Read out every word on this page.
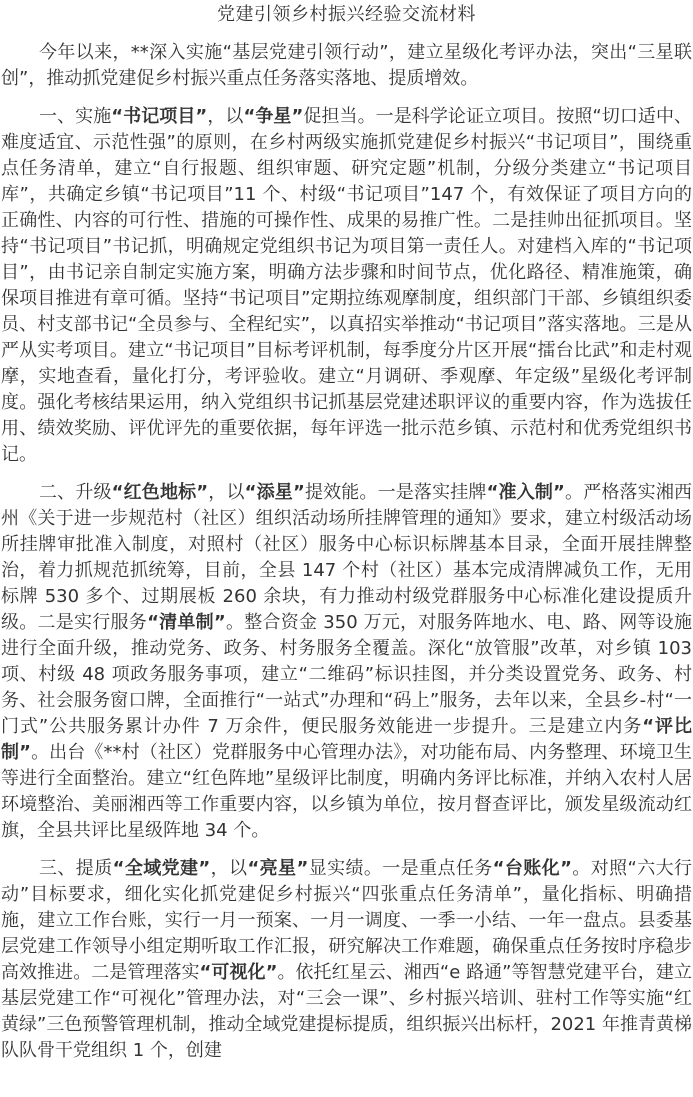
党建引领乡村振兴经验交流材料

今年以来，**深入实施“基层党建引领行动”，建立星级化考评办法，突出“三星联创”，推动抓党建促乡村振兴重点任务落实落地、提质增效。

一、实施“书记项目”，以“争星”促担当。一是科学论证立项目。按照“切口适中、难度适宜、示范性强”的原则，在乡村两级实施抓党建促乡村振兴“书记项目”，围绕重点任务清单，建立“自行报题、组织审题、研究定题”机制，分级分类建立“书记项目库”，共确定乡镇“书记项目”11 个、村级“书记项目”147 个，有效保证了项目方向的正确性、内容的可行性、措施的可操作性、成果的易推广性。二是挂帅出征抓项目。坚持“书记项目”书记抓，明确规定党组织书记为项目第一责任人。对建档入库的“书记项目”，由书记亲自制定实施方案，明确方法步骤和时间节点，优化路径、精准施策，确保项目推进有章可循。坚持“书记项目”定期拉练观摩制度，组织部门干部、乡镇组织委员、村支部书记“全员参与、全程纪实”，以真招实举推动“书记项目”落实落地。三是从严从实考项目。建立“书记项目”目标考评机制，每季度分片区开展“擂台比武”和走村观摩，实地查看，量化打分，考评验收。建立“月调研、季观摩、年定级”星级化考评制度。强化考核结果运用，纳入党组织书记抓基层党建述职评议的重要内容，作为选拔任用、绩效奖励、评优评先的重要依据，每年评选一批示范乡镇、示范村和优秀党组织书记。

二、升级“红色地标”，以“添星”提效能。一是落实挂牌“准入制”。严格落实湘西州《关于进一步规范村（社区）组织活动场所挂牌管理的通知》要求，建立村级活动场所挂牌审批准入制度，对照村（社区）服务中心标识标牌基本目录，全面开展挂牌整治，着力抓规范抓统筹，目前，全县 147 个村（社区）基本完成清牌减负工作，无用标牌 530 多个、过期展板 260 余块，有力推动村级党群服务中心标准化建设提质升级。二是实行服务“清单制”。整合资金 350 万元，对服务阵地水、电、路、网等设施进行全面升级，推动党务、政务、村务服务全覆盖。深化“放管服”改革，对乡镇 103 项、村级 48 项政务服务事项，建立“二维码”标识挂图，并分类设置党务、政务、村务、社会服务窗口牌，全面推行“一站式”办理和“码上”服务，去年以来，全县乡-村“一门式”公共服务累计办件 7 万余件，便民服务效能进一步提升。三是建立内务“评比制”。出台《**村（社区）党群服务中心管理办法》，对功能布局、内务整理、环境卫生等进行全面整治。建立“红色阵地”星级评比制度，明确内务评比标准，并纳入农村人居环境整治、美丽湘西等工作重要内容，以乡镇为单位，按月督查评比，颁发星级流动红旗，全县共评比星级阵地 34 个。

三、提质“全域党建”，以“亮星”显实绩。一是重点任务“台账化”。对照“六大行动”目标要求，细化实化抓党建促乡村振兴“四张重点任务清单”，量化指标、明确措施，建立工作台账，实行一月一预案、一月一调度、一季一小结、一年一盘点。县委基层党建工作领导小组定期听取工作汇报，研究解决工作难题，确保重点任务按时序稳步高效推进。二是管理落实“可视化”。依托红星云、湘西“e 路通”等智慧党建平台，建立基层党建工作“可视化”管理办法，对“三会一课”、乡村振兴培训、驻村工作等实施“红黄绿”三色预警管理机制，推动全域党建提标提质，组织振兴出标杆，2021 年推青黄梯队队骨干党组织 1 个，创建
